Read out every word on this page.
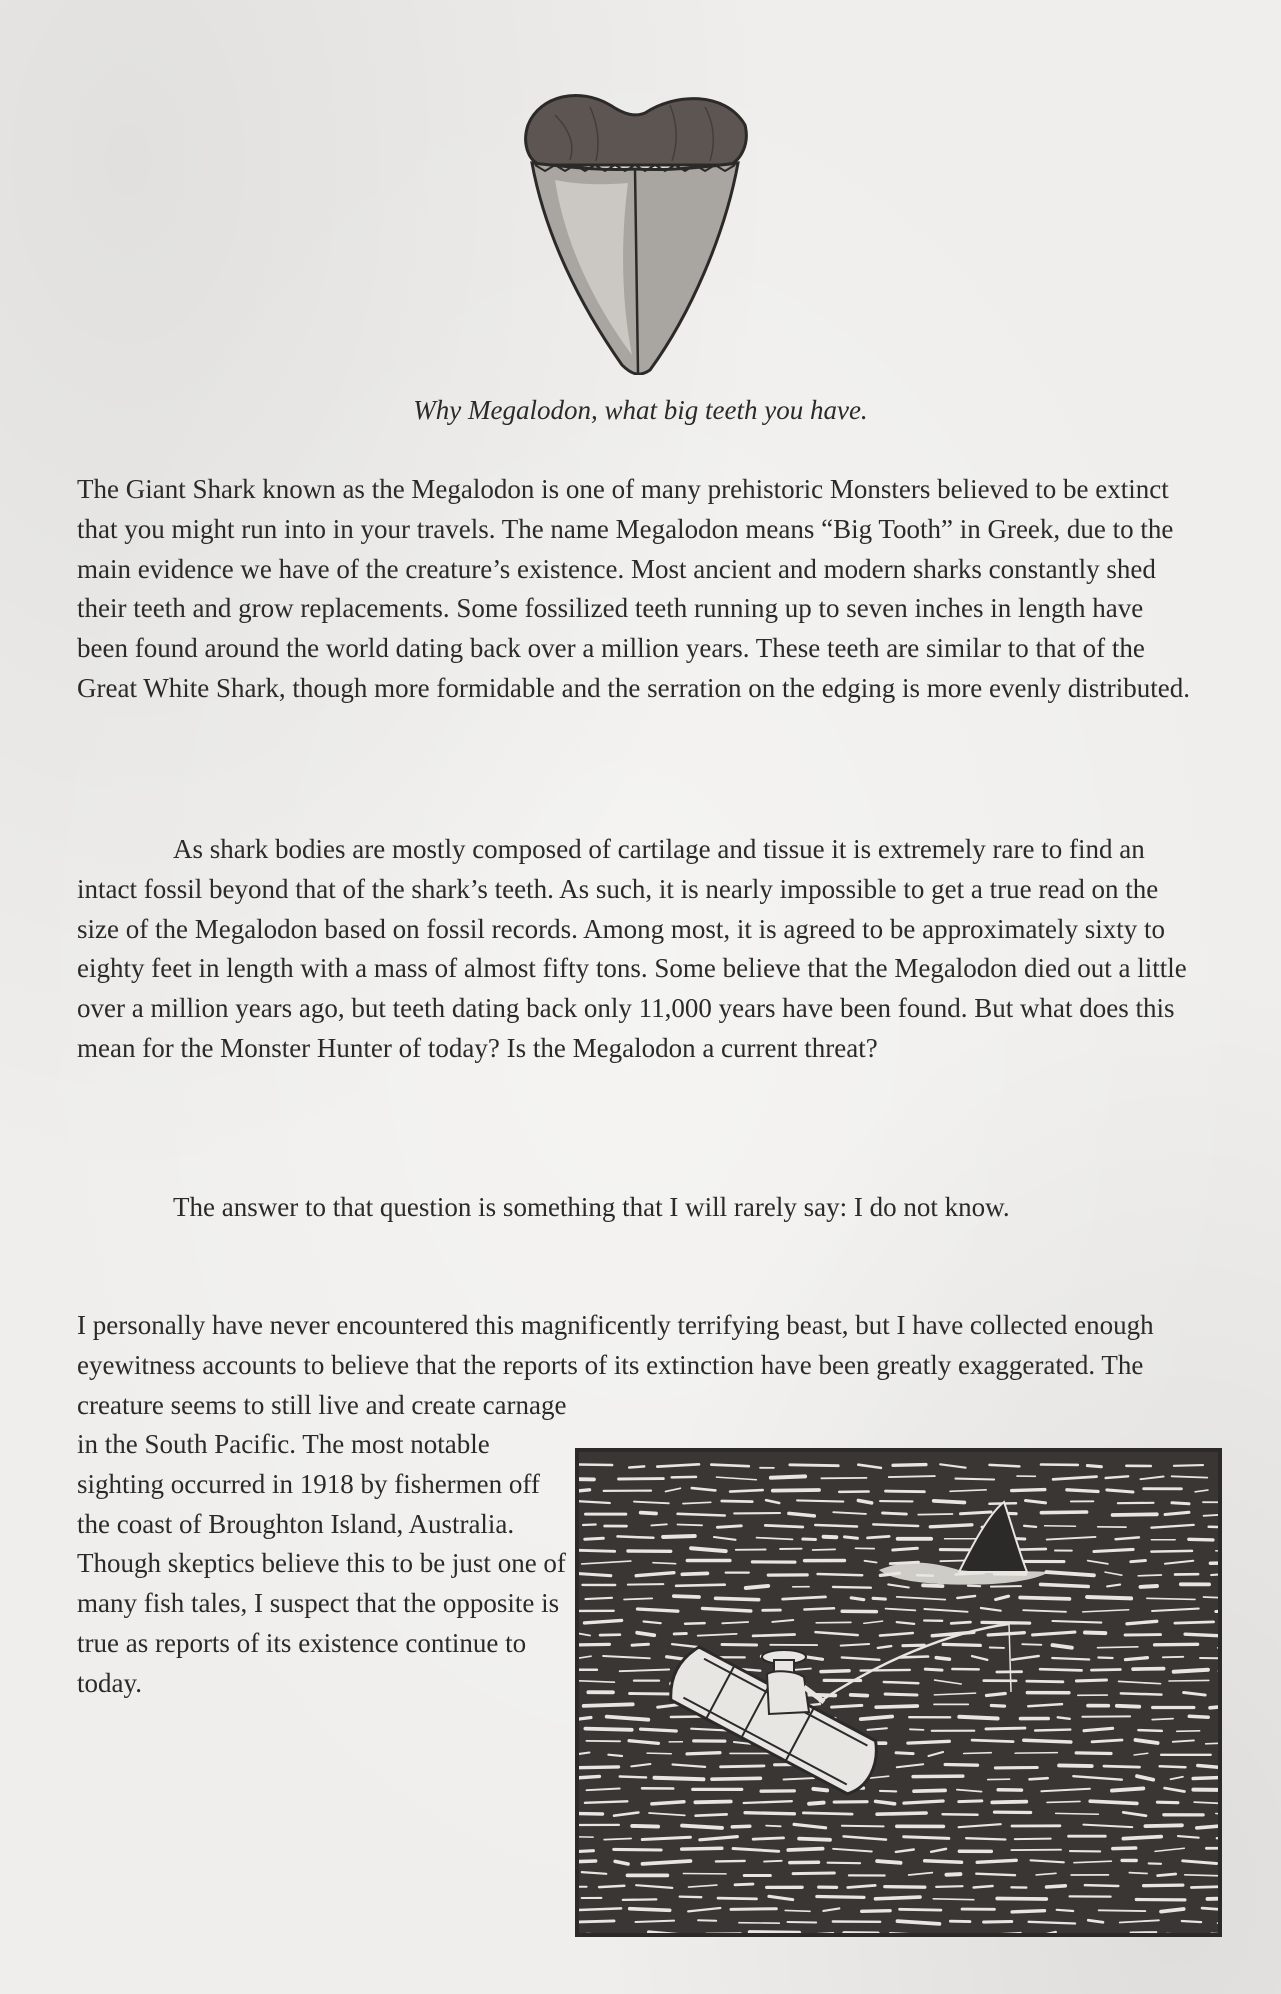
Why Megalodon, what big teeth you have.

The Giant Shark known as the Megalodon is one of many prehistoric Monsters believed to be extinct that you might run into in your travels. The name Megalodon means “Big Tooth” in Greek, due to the main evidence we have of the creature’s existence. Most ancient and modern sharks constantly shed their teeth and grow replacements. Some fossilized teeth running up to seven inches in length have been found around the world dating back over a million years. These teeth are similar to that of the Great White Shark, though more formidable and the serration on the edging is more evenly distributed.

As shark bodies are mostly composed of cartilage and tissue it is extremely rare to find an intact fossil beyond that of the shark’s teeth. As such, it is nearly impossible to get a true read on the size of the Megalodon based on fossil records. Among most, it is agreed to be approximately sixty to eighty feet in length with a mass of almost fifty tons. Some believe that the Megalodon died out a little over a million years ago, but teeth dating back only 11,000 years have been found. But what does this mean for the Monster Hunter of today? Is the Megalodon a current threat?

The answer to that question is something that I will rarely say: I do not know.

I personally have never encountered this magnificently terrifying beast, but I have collected enough eyewitness accounts to believe that the reports of its extinction have been greatly exaggerated. The creature seems to still live and create carnage

in the South Pacific. The most notable sighting occurred in 1918 by fishermen off the coast of Broughton Island, Australia. Though skeptics believe this to be just one of many fish tales, I suspect that the opposite is true as reports of its existence continue to today.
